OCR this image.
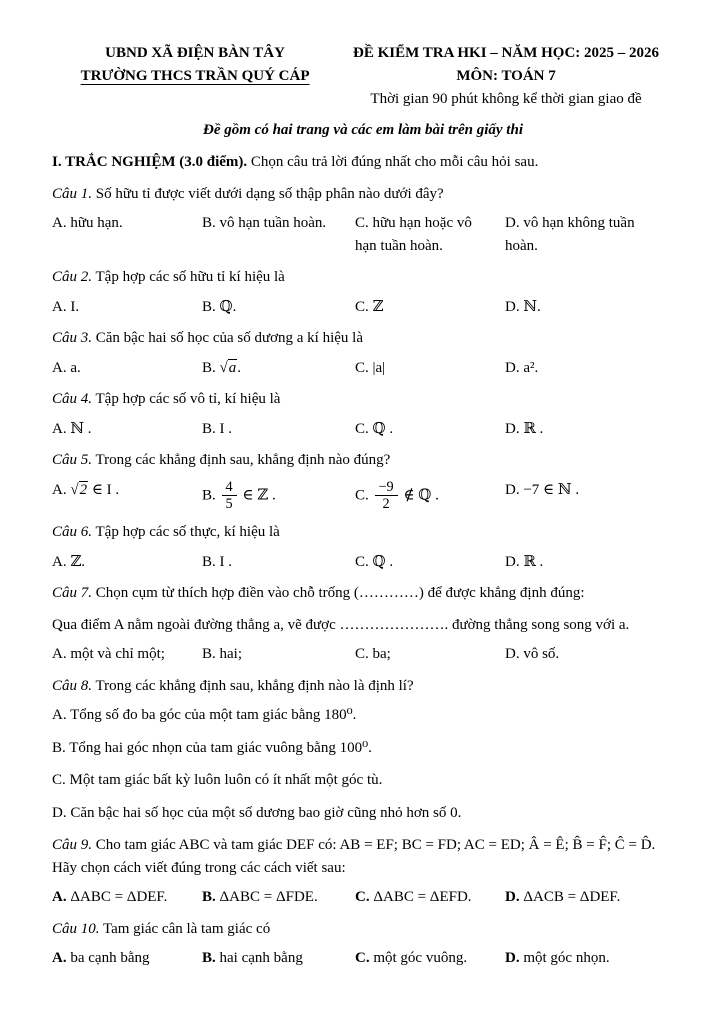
UBND XÃ ĐIỆN BÀN TÂY
TRƯỜNG THCS TRẦN QUÝ CÁP
ĐỀ KIỂM TRA HKI – NĂM HỌC: 2025 – 2026
MÔN: TOÁN 7
Thời gian 90 phút không kể thời gian giao đề
Đề gồm có hai trang và các em làm bài trên giấy thi

I. TRẮC NGHIỆM (3.0 điểm). Chọn câu trả lời đúng nhất cho mỗi câu hỏi sau.

Câu 1. Số hữu tỉ được viết dưới dạng số thập phân nào dưới đây?

A. hữu hạn.	B. vô hạn tuần hoàn.	C. hữu hạn hoặc vô hạn tuần hoàn.
D. vô hạn không tuần hoàn.

Câu 2. Tập hợp các số hữu tỉ kí hiệu là

A. I.	B. ℚ.	C. ℤ	D. ℕ.

Câu 3. Căn bậc hai số học của số dương a kí hiệu là

A. a.	B. √a.	C. |a|	D. a².

Câu 4. Tập hợp các số vô tỉ, kí hiệu là

A. ℕ .	B. I .	C. ℚ .	D. ℝ .

Câu 5. Trong các khẳng định sau, khẳng định nào đúng?

A. √2 ∈ I .	B. $\frac{4}{5}$ ∈ ℤ .	C. $\frac{-9}{2}$ ∉ ℚ .	D. −7 ∈ ℕ .

Câu 6. Tập hợp các số thực, kí hiệu là

A. ℤ.	B. I .	C. ℚ .	D. ℝ .

Câu 7. Chọn cụm từ thích hợp điền vào chỗ trống (…………) để được khẳng định đúng:

Qua điểm A nằm ngoài đường thẳng a, vẽ được …………………. đường thẳng song song với a.

A. một và chỉ một;	B. hai;	C. ba;	D. vô số.

Câu 8. Trong các khẳng định sau, khẳng định nào là định lí?

A. Tổng số đo ba góc của một tam giác bằng 180⁰.

B. Tổng hai góc nhọn của tam giác vuông bằng 100⁰.

C. Một tam giác bất kỳ luôn luôn có ít nhất một góc tù.

D. Căn bậc hai số học của một số dương bao giờ cũng nhỏ hơn số 0.

Câu 9. Cho tam giác ABC và tam giác DEF có: AB = EF; BC = FD; AC = ED; Â = Ê; B̂ = F̂; Ĉ = D̂. Hãy chọn cách viết đúng trong các cách viết sau:

A. ΔABC = ΔDEF.	B. ΔABC = ΔFDE.	C. ΔABC = ΔEFD.	D. ΔACB = ΔDEF.

Câu 10. Tam giác cân là tam giác có

A. ba cạnh bằng	B. hai cạnh bằng	C. một góc vuông.	D. một góc nhọn.
